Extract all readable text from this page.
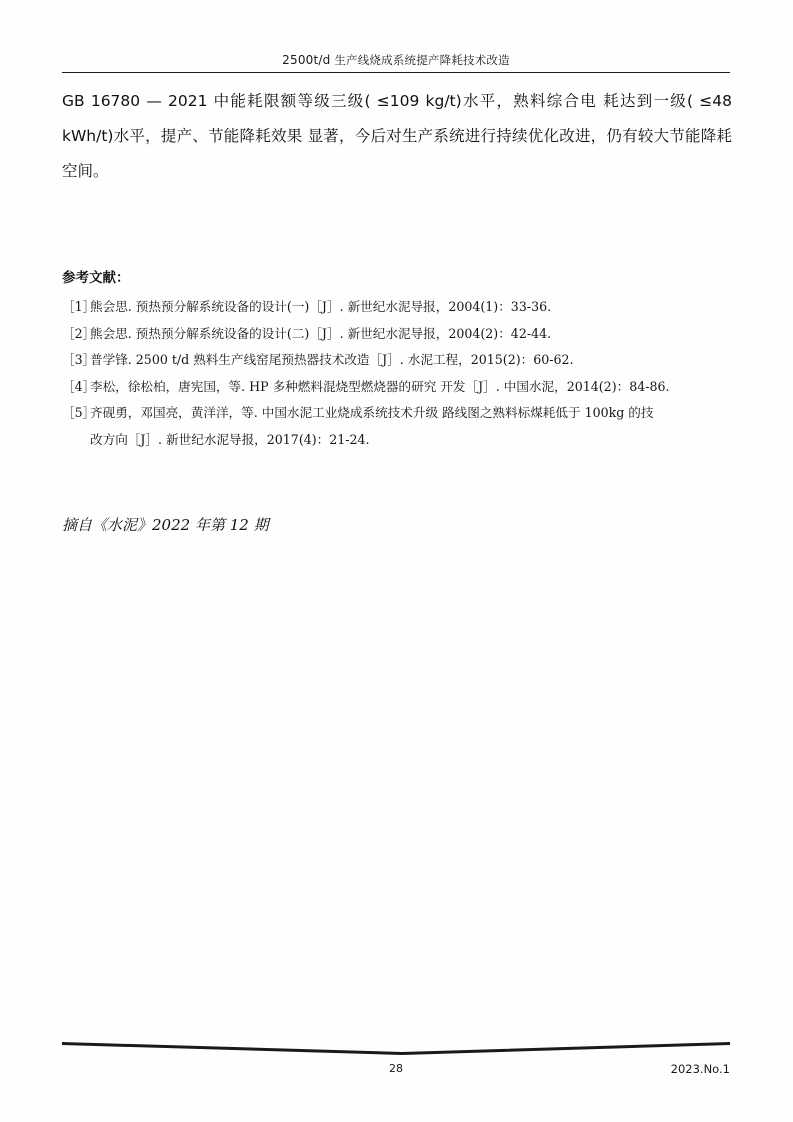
2500t/d 生产线烧成系统提产降耗技术改造
GB 16780 — 2021 中能耗限额等级三级( ≤109 kg/t)水平，熟料综合电 耗达到一级( ≤48 kWh/t)水平，提产、节能降耗效果 显著，今后对生产系统进行持续优化改进，仍有较大节能降耗空间。
参考文献：
［1］
熊会思. 预热预分解系统设备的设计(一)［J］. 新世纪水泥导报，2004(1)：33-36.
［2］
熊会思. 预热预分解系统设备的设计(二)［J］. 新世纪水泥导报，2004(2)：42-44.
［3］
普学锋. 2500 t/d 熟料生产线窑尾预热器技术改造［J］. 水泥工程，2015(2)：60-62.
［4］
李松，徐松柏，唐宪国，等. HP 多种燃料混烧型燃烧器的研究 开发［J］. 中国水泥，2014(2)：84-86.
［5］
齐砚勇，邓国亮，黄洋洋，等. 中国水泥工业烧成系统技术升级 路线图之熟料标煤耗低于 100kg 的技
改方向［J］. 新世纪水泥导报，2017(4)：21-24.
摘自《水泥》2022 年第 12 期
28	2023.No.1
